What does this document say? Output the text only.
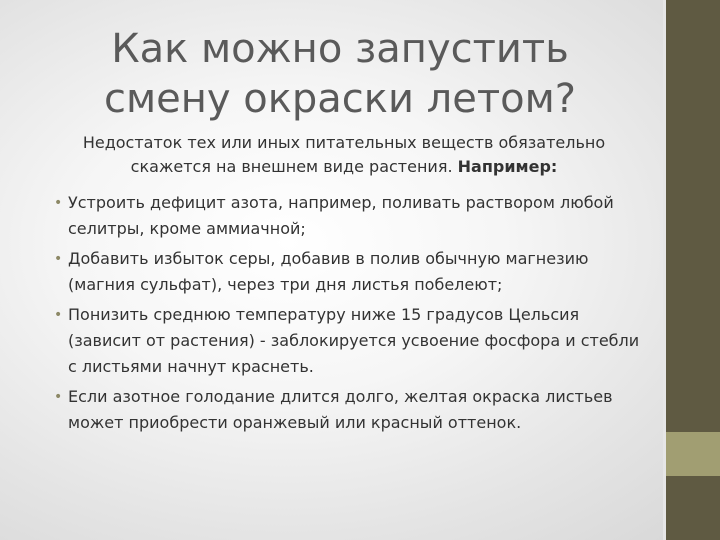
Как можно запустить
смену окраски летом?

Недостаток тех или иных питательных веществ обязательно скажется на внешнем виде растения. Например:

• Устроить дефицит азота, например, поливать раствором любой селитры, кроме аммиачной;
• Добавить избыток серы, добавив в полив обычную магнезию (магния сульфат), через три дня листья побелеют;
• Понизить среднюю температуру ниже 15 градусов Цельсия (зависит от растения) - заблокируется усвоение фосфора и стебли с листьями начнут краснеть.
• Если азотное голодание длится долго, желтая окраска листьев может приобрести оранжевый или красный оттенок.
